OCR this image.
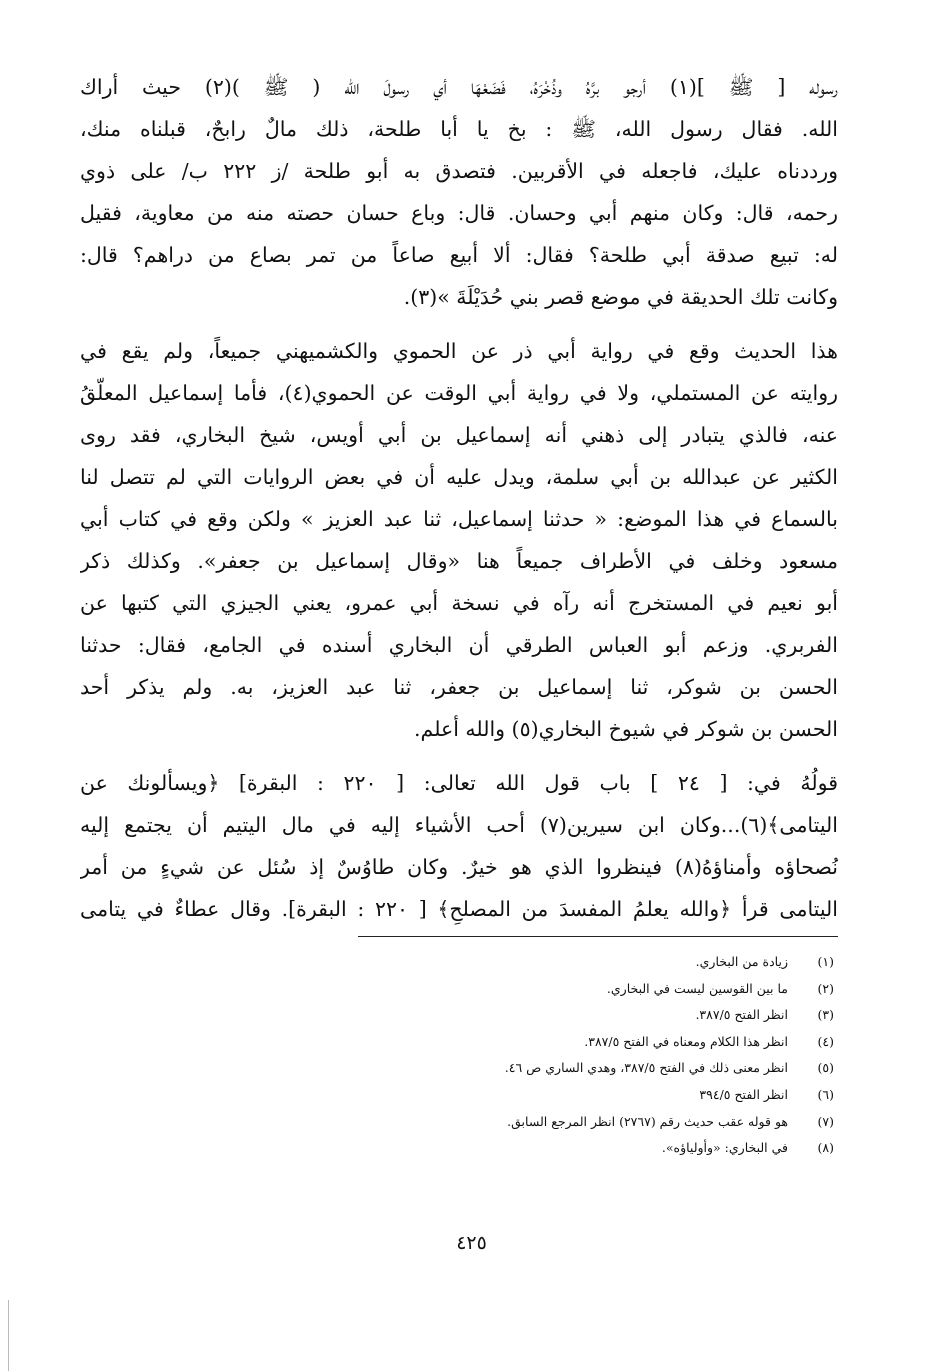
رسوله [ ﷺ ](١) أرجو برَّهُ وذُخْرَهُ، فَضَعْهَا أي رسولَ الله ( ﷺ )(٢) حيث أراك

الله. فقال رسول الله، ﷺ : بخ يا أبا طلحة، ذلك مالٌ رابحٌ، قبلناه منك،

ورددناه عليك، فاجعله في الأقربين. فتصدق به أبو طلحة /ز ٢٢٢ ب/ على ذوي

رحمه، قال: وكان منهم أبي وحسان. قال: وباع حسان حصته منه من معاوية، فقيل

له: تبيع صدقة أبي طلحة؟ فقال: ألا أبيع صاعاً من تمر بصاع من دراهم؟ قال:

وكانت تلك الحديقة في موضع قصر بني حُدَيْلَةَ »(٣).

هذا الحديث وقع في رواية أبي ذر عن الحموي والكشميهني جميعاً، ولم يقع في

روايته عن المستملي، ولا في رواية أبي الوقت عن الحموي(٤)، فأما إسماعيل المعلّقُ

عنه، فالذي يتبادر إلى ذهني أنه إسماعيل بن أبي أويس، شيخ البخاري، فقد روى

الكثير عن عبدالله بن أبي سلمة، ويدل عليه أن في بعض الروايات التي لم تتصل لنا

بالسماع في هذا الموضع: « حدثنا إسماعيل، ثنا عبد العزيز » ولكن وقع في كتاب أبي

مسعود وخلف في الأطراف جميعاً هنا «وقال إسماعيل بن جعفر». وكذلك ذكر

أبو نعيم في المستخرج أنه رآه في نسخة أبي عمرو، يعني الجيزي التي كتبها عن

الفربري. وزعم أبو العباس الطرقي أن البخاري أسنده في الجامع، فقال: حدثنا

الحسن بن شوكر، ثنا إسماعيل بن جعفر، ثنا عبد العزيز، به. ولم يذكر أحد

الحسن بن شوكر في شيوخ البخاري(٥) والله أعلم.

قولُهُ في: [ ٢٤ ] باب قول الله تعالى: [ ٢٢٠ : البقرة] ﴿ويسألونك عن

اليتامى﴾(٦)...وكان ابن سيرين(٧) أحب الأشياء إليه في مال اليتيم أن يجتمع إليه

نُصحاؤه وأمناؤهُ(٨) فينظروا الذي هو خيرٌ. وكان طاوُسٌ إذ سُئل عن شيءٍ من أمر

اليتامى قرأ ﴿والله يعلمُ المفسدَ من المصلحِ﴾ [ ٢٢٠ : البقرة]. وقال عطاءٌ في يتامى

(١)زيادة من البخاري.
(٢)ما بين القوسين ليست في البخاري.
(٣)انظر الفتح ٣٨٧/٥.
(٤)انظر هذا الكلام ومعناه في الفتح ٣٨٧/٥.
(٥)انظر معنى ذلك في الفتح ٣٨٧/٥، وهدي الساري ص ٤٦.
(٦)انظر الفتح ٣٩٤/٥
(٧)هو قوله عقب حديث رقم (٢٧٦٧) انظر المرجع السابق.
(٨)في البخاري: «وأولياؤه».
٤٢٥
